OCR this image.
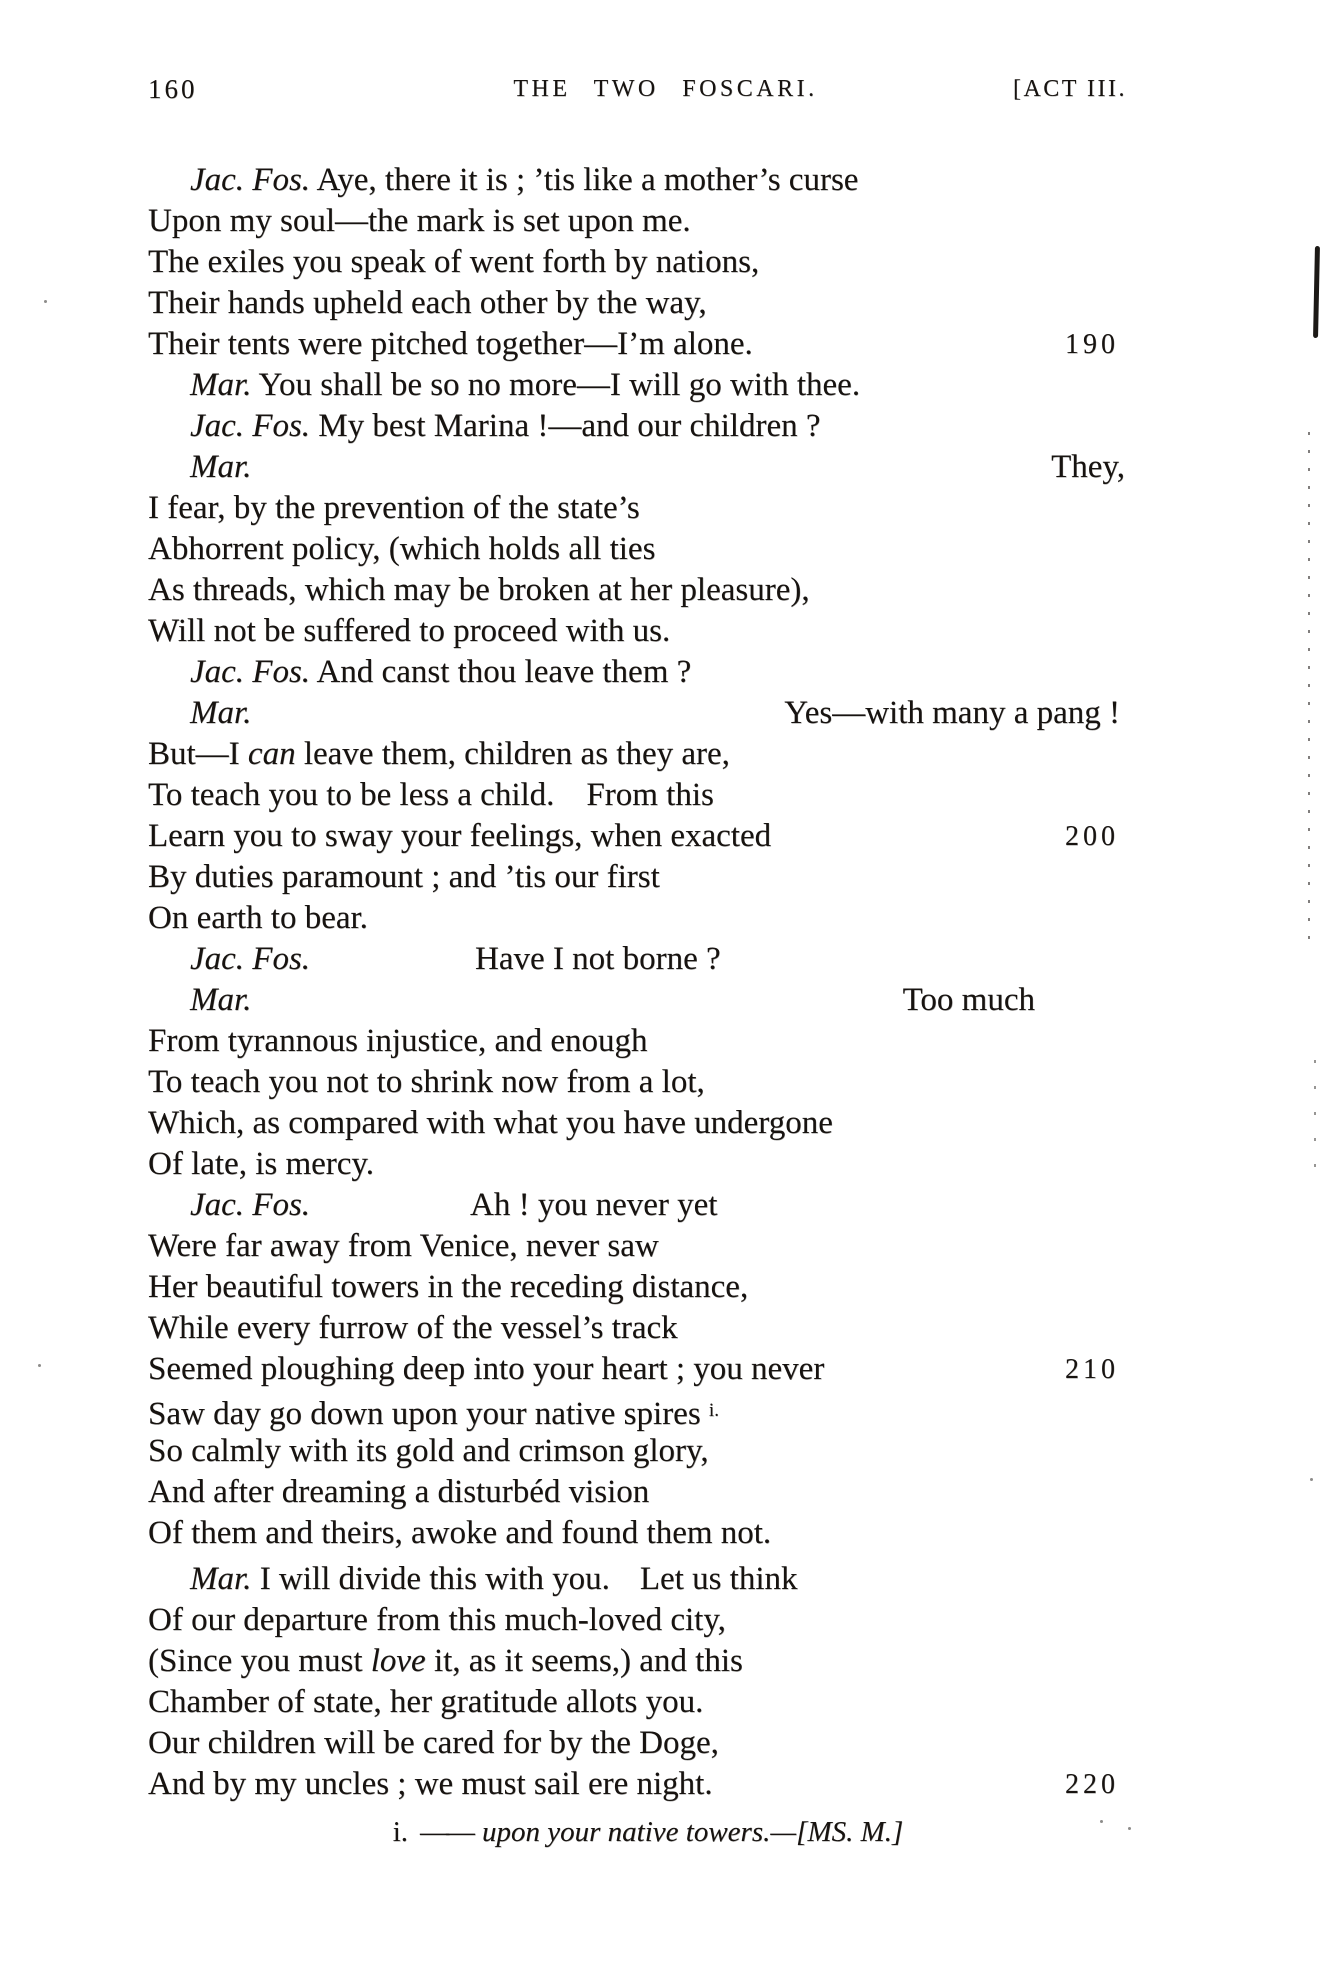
160	THE TWO FOSCARI.	[ACT III.
Jac. Fos. Aye, there it is ; ’tis like a mother’s curse
Upon my soul—the mark is set upon me.
The exiles you speak of went forth by nations,
Their hands upheld each other by the way,
Their tents were pitched together—I’m alone.	190
Mar. You shall be so no more—I will go with thee.
Jac. Fos. My best Marina !—and our children ?
Mar.	They,
I fear, by the prevention of the state’s
Abhorrent policy, (which holds all ties
As threads, which may be broken at her pleasure),
Will not be suffered to proceed with us.
Jac. Fos. And canst thou leave them ?
Mar.	Yes—with many a pang !
But—I can leave them, children as they are,
To teach you to be less a child. From this
Learn you to sway your feelings, when exacted	200
By duties paramount ; and ’tis our first
On earth to bear.
Jac. Fos.	Have I not borne ?
Mar.	Too much
From tyrannous injustice, and enough
To teach you not to shrink now from a lot,
Which, as compared with what you have undergone
Of late, is mercy.
Jac. Fos.	Ah ! you never yet
Were far away from Venice, never saw
Her beautiful towers in the receding distance,
While every furrow of the vessel’s track
Seemed ploughing deep into your heart ; you never	210
Saw day go down upon your native spires $^{i.}$
So calmly with its gold and crimson glory,
And after dreaming a disturbéd vision
Of them and theirs, awoke and found them not.
Mar. I will divide this with you. Let us think
Of our departure from this much-loved city,
(Since you must love it, as it seems,) and this
Chamber of state, her gratitude allots you.
Our children will be cared for by the Doge,
And by my uncles ; we must sail ere night.	220
i. —— upon your native towers.—[MS. M.]
